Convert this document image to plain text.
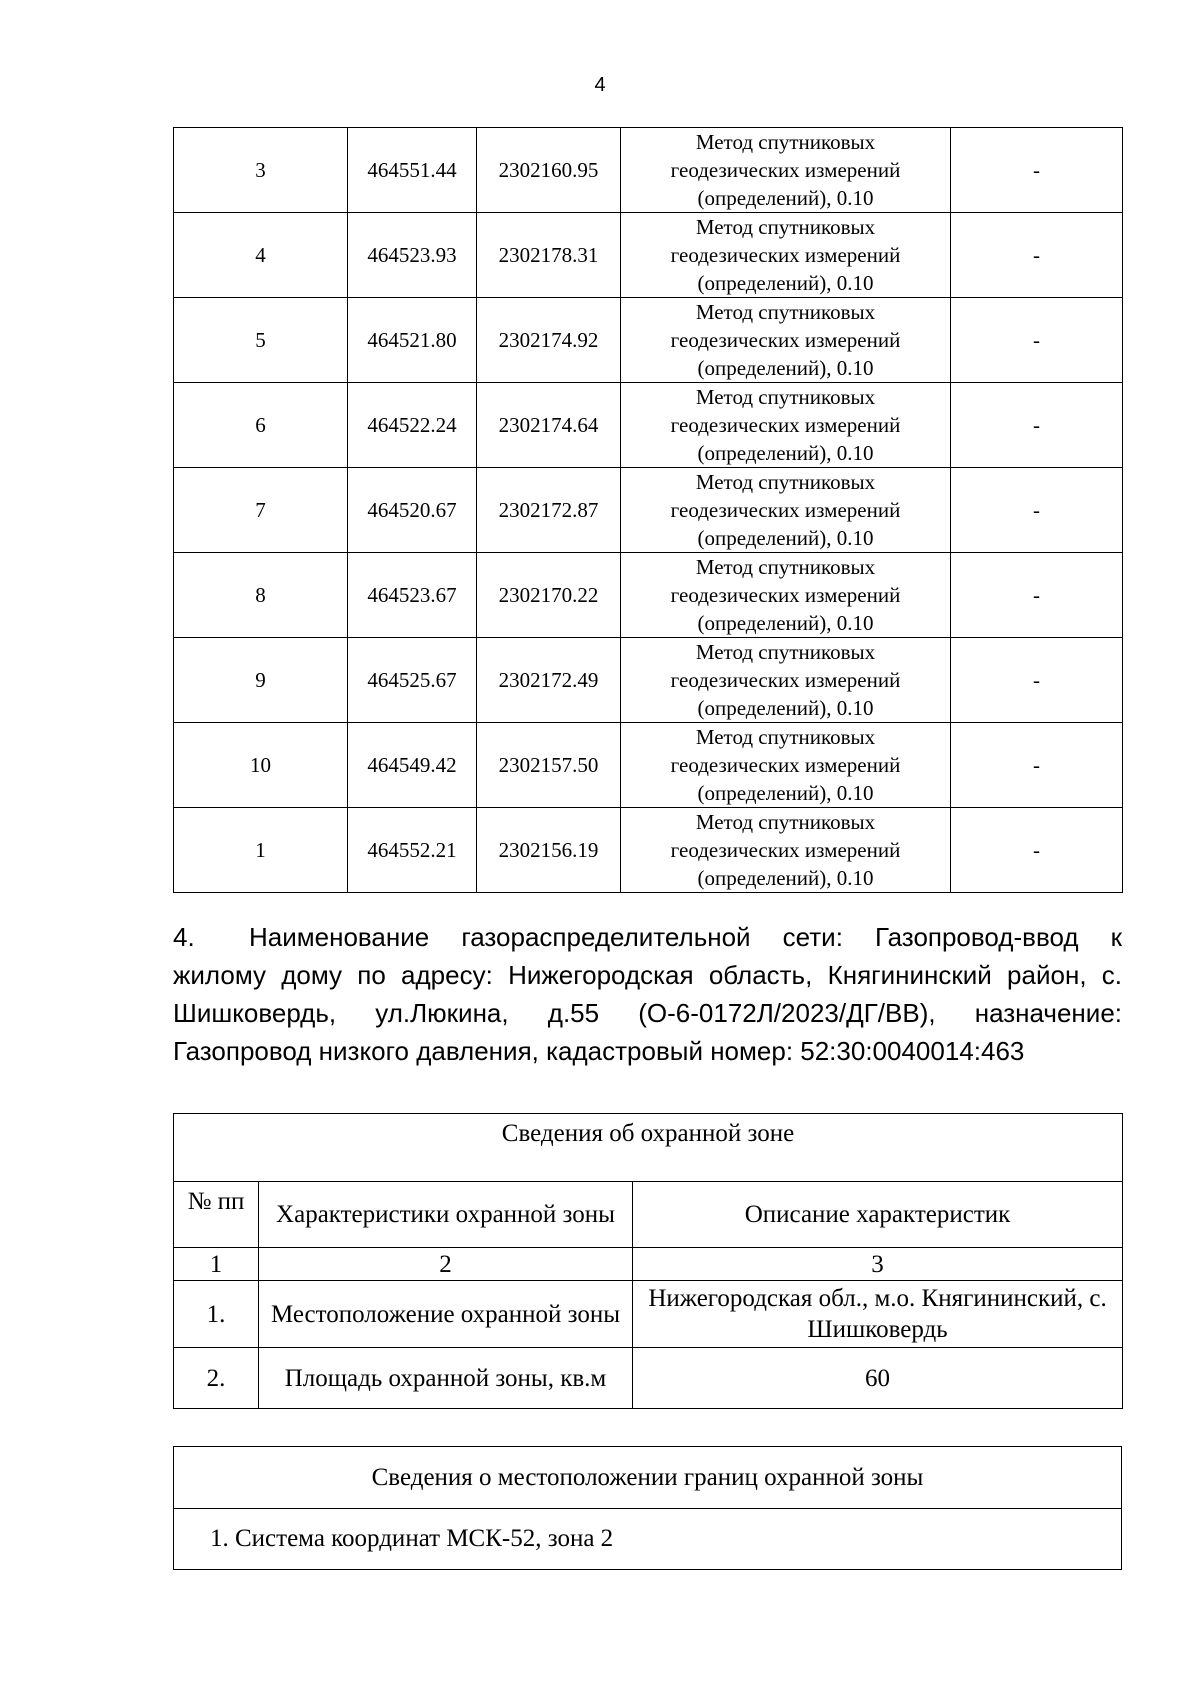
4
3	464551.44	2302160.95	Метод спутниковых
геодезических измерений
(определений), 0.10	-
4	464523.93	2302178.31	Метод спутниковых
геодезических измерений
(определений), 0.10	-
5	464521.80	2302174.92	Метод спутниковых
геодезических измерений
(определений), 0.10	-
6	464522.24	2302174.64	Метод спутниковых
геодезических измерений
(определений), 0.10	-
7	464520.67	2302172.87	Метод спутниковых
геодезических измерений
(определений), 0.10	-
8	464523.67	2302170.22	Метод спутниковых
геодезических измерений
(определений), 0.10	-
9	464525.67	2302172.49	Метод спутниковых
геодезических измерений
(определений), 0.10	-
10	464549.42	2302157.50	Метод спутниковых
геодезических измерений
(определений), 0.10	-
1	464552.21	2302156.19	Метод спутниковых
геодезических измерений
(определений), 0.10	-
4. Наименование газораспределительной сети: Газопровод-ввод к жилому дому по адресу: Нижегородская область, Княгининский район, с. Шишковердь, ул.Люкина, д.55 (О-6-0172Л/2023/ДГ/ВВ), назначение: Газопровод низкого давления, кадастровый номер: 52:30:0040014:463
Сведения об охранной зоне		
№ пп	Характеристики охранной зоны	Описание характеристик
1	2	3
1.	Местоположение охранной зоны	Нижегородская обл., м.о. Княгининский, с. Шишковердь
2.	Площадь охранной зоны, кв.м	60
Сведения о местоположении границ охранной зоны
1. Система координат МСК-52, зона 2
